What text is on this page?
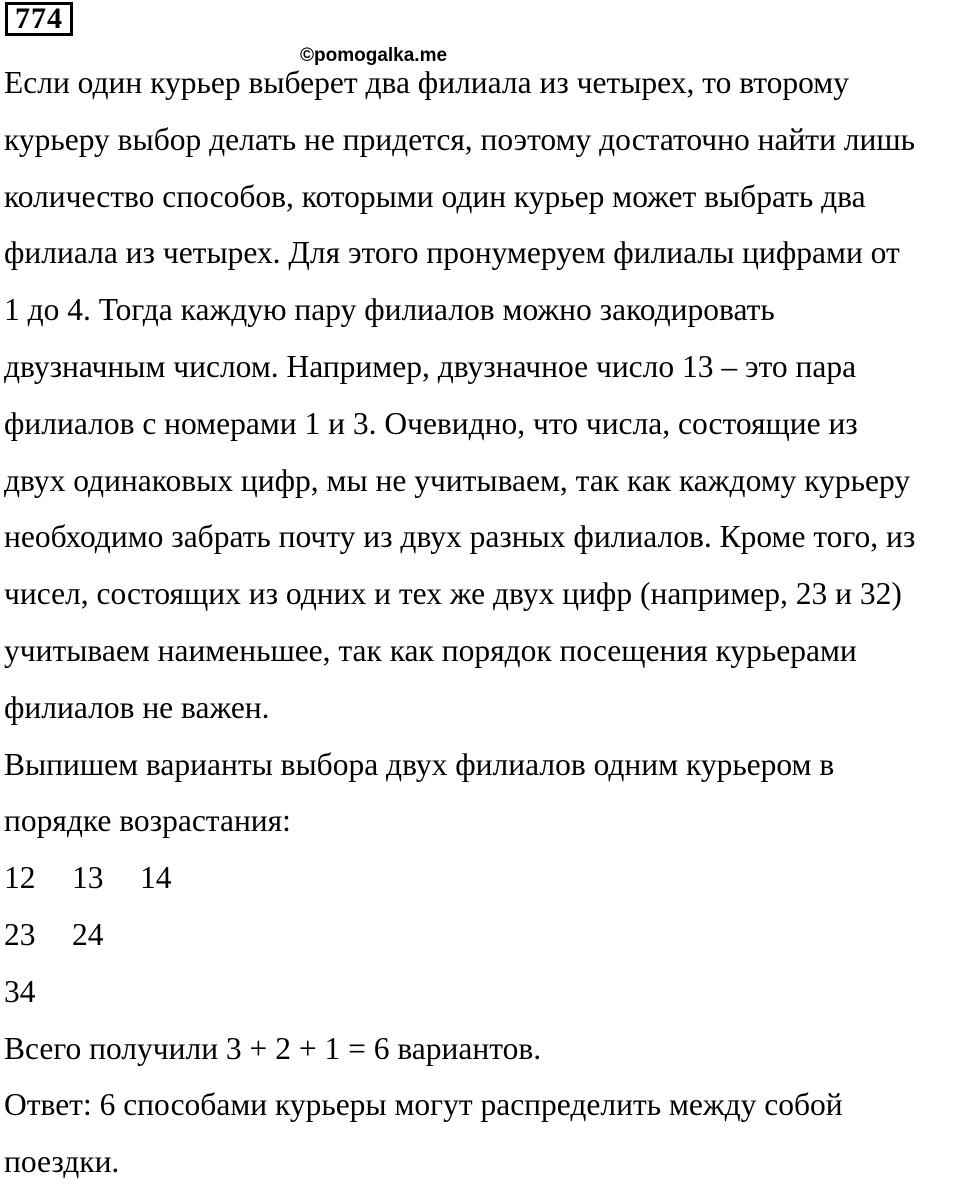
774
©pomogalka.me
Если один курьер выберет два филиала из четырех, то второму
курьеру выбор делать не придется, поэтому достаточно найти лишь
количество способов, которыми один курьер может выбрать два
филиала из четырех. Для этого пронумеруем филиалы цифрами от
1 до 4. Тогда каждую пару филиалов можно закодировать
двузначным числом. Например, двузначное число 13 – это пара
филиалов с номерами 1 и 3. Очевидно, что числа, состоящие из
двух одинаковых цифр, мы не учитываем, так как каждому курьеру
необходимо забрать почту из двух разных филиалов. Кроме того, из
чисел, состоящих из одних и тех же двух цифр (например, 23 и 32)
учитываем наименьшее, так как порядок посещения курьерами
филиалов не важен.
Выпишем варианты выбора двух филиалов одним курьером в
порядке возрастания:
12	13	14
23	24
34
Всего получили 3 + 2 + 1 = 6 вариантов.
Ответ: 6 способами курьеры могут распределить между собой
поездки.
